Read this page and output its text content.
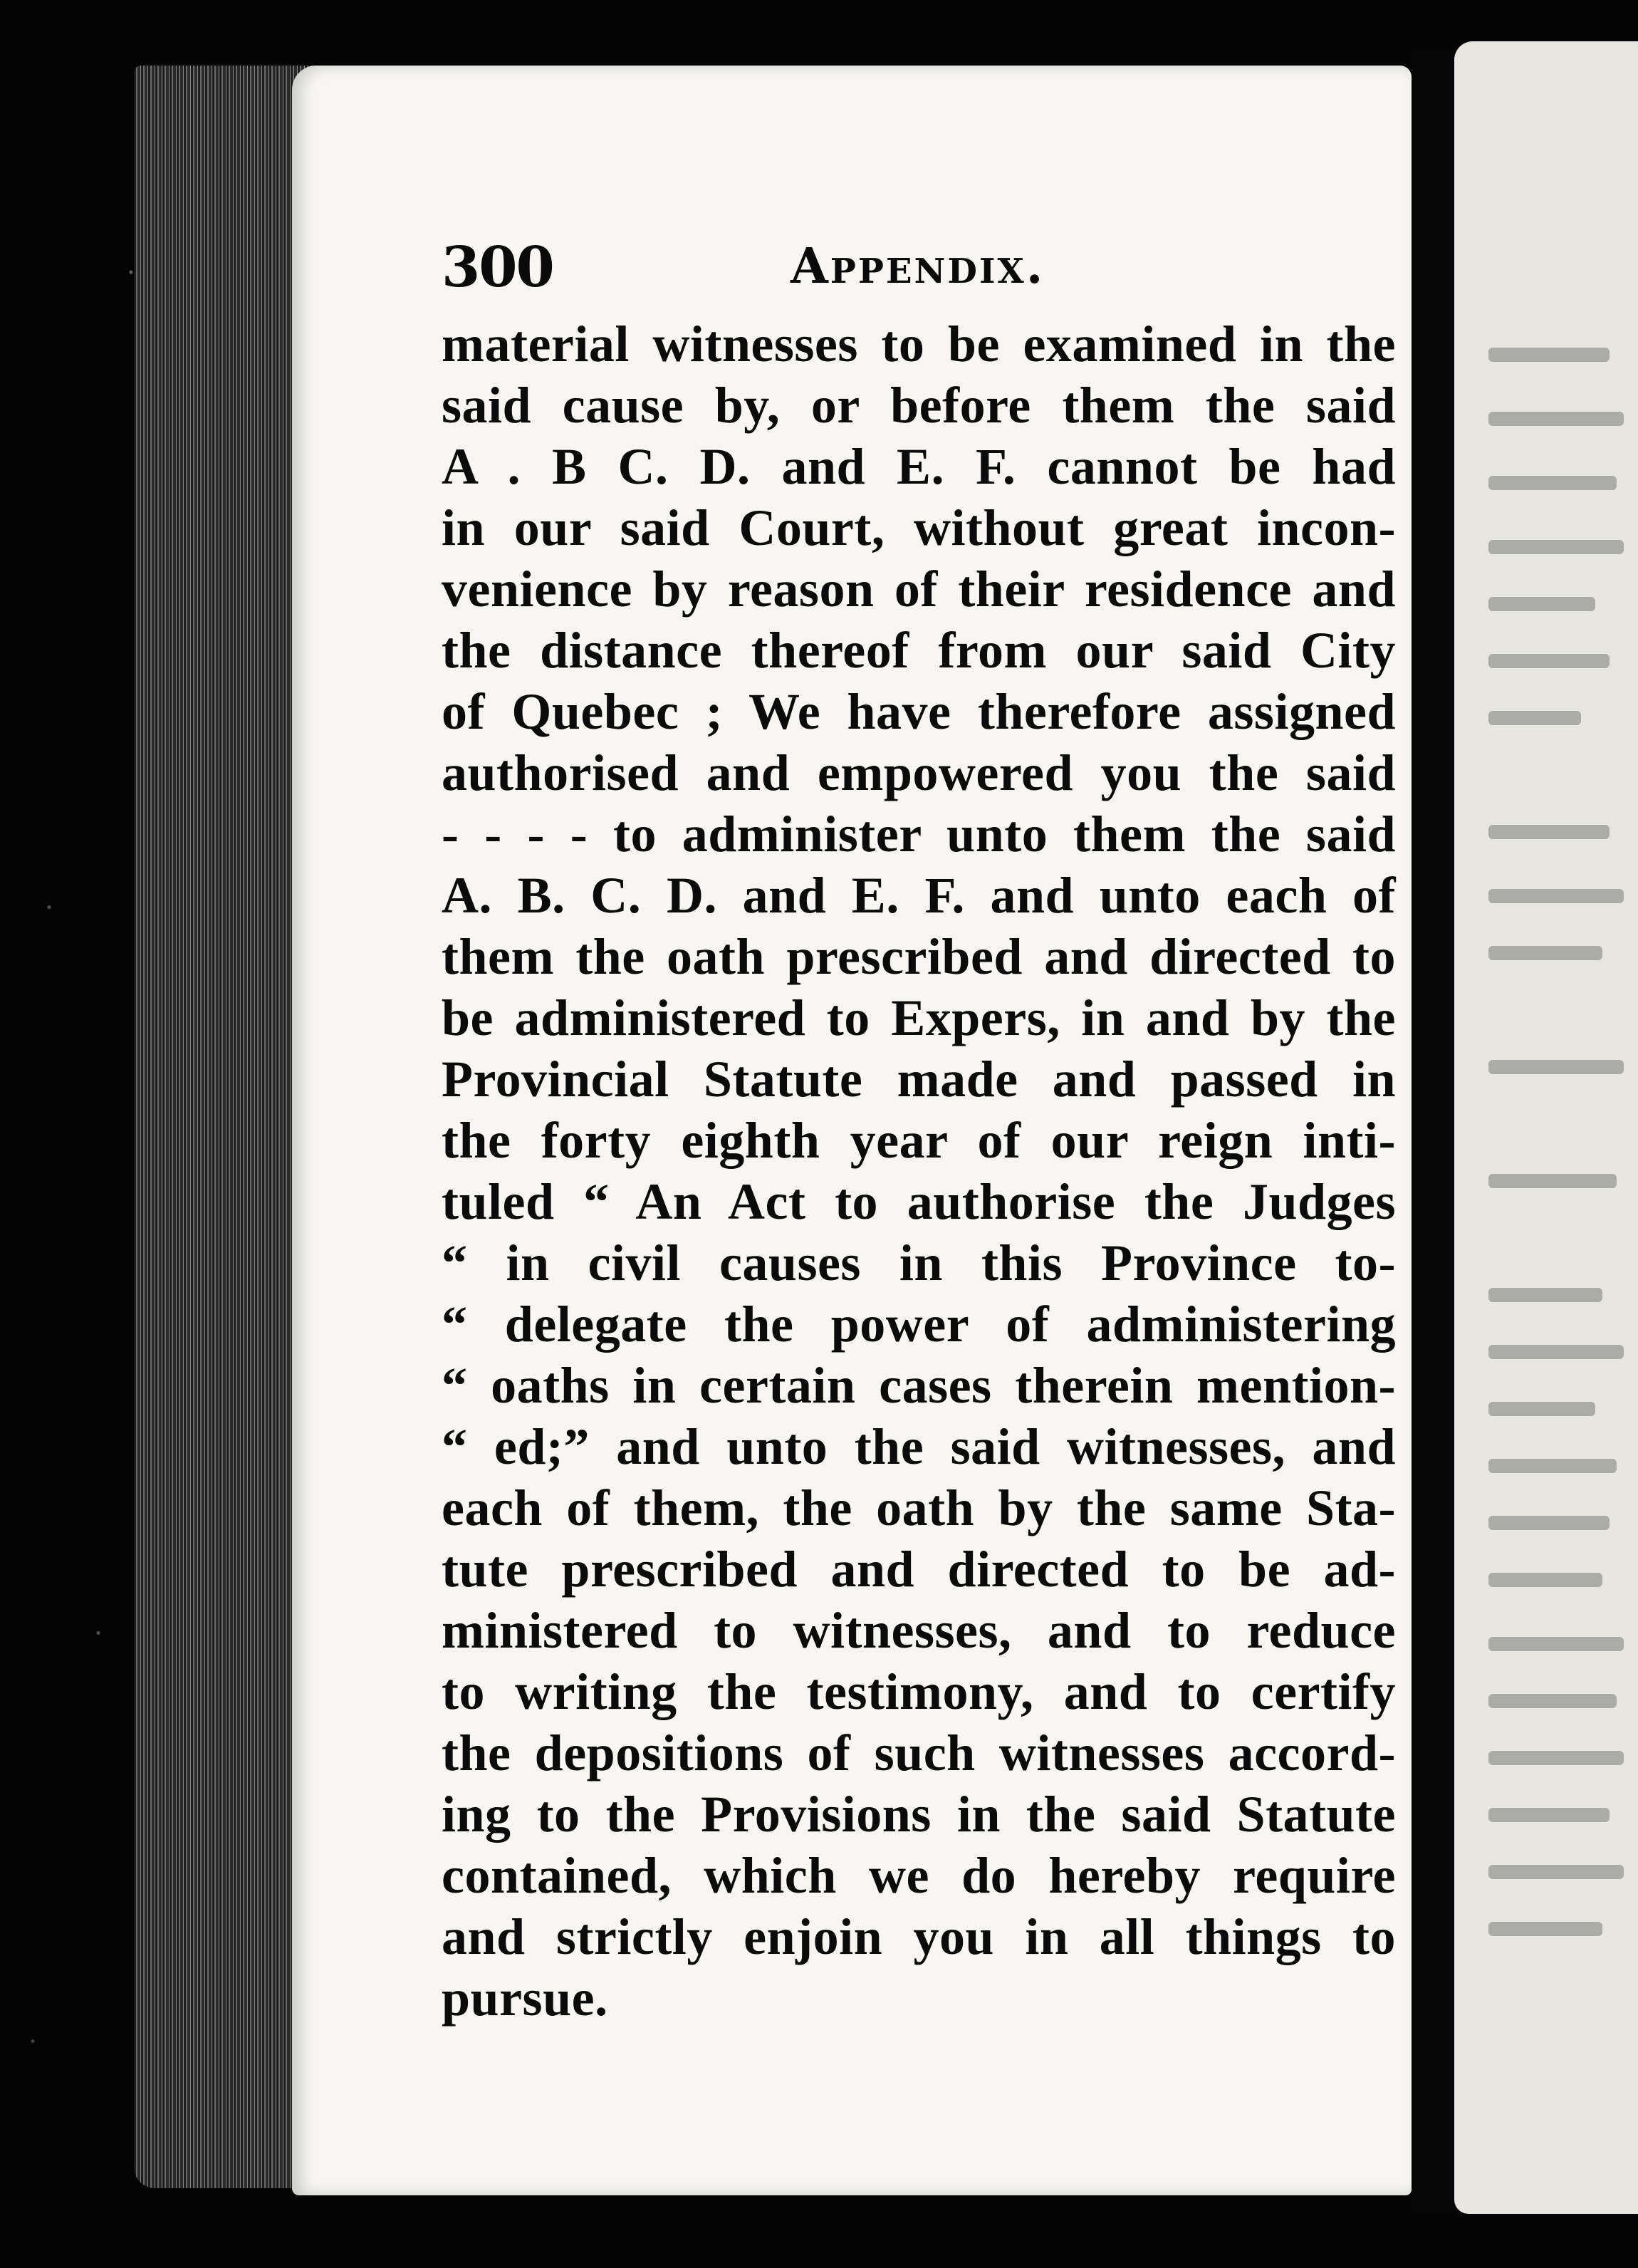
300	Appendix.
material witnesses to be examined in the
said cause by, or before them the said
A . B C. D. and E. F. cannot be had
in our said Court, without great incon-
venience by reason of their residence and
the distance thereof from our said City
of Quebec ; We have therefore assigned
authorised and empowered you the said
- - - - to administer unto them the said
A. B. C. D. and E. F. and unto each of
them the oath prescribed and directed to
be administered to Expers, in and by the
Provincial Statute made and passed in
the forty eighth year of our reign inti-
tuled “ An Act to authorise the Judges
“ in civil causes in this Province to-
“ delegate the power of administering
“ oaths in certain cases therein mention-
“ ed;” and unto the said witnesses, and
each of them, the oath by the same Sta-
tute prescribed and directed to be ad-
ministered to witnesses, and to reduce
to writing the testimony, and to certify
the depositions of such witnesses accord-
ing to the Provisions in the said Statute
contained, which we do hereby require
and strictly enjoin you in all things to
pursue.
